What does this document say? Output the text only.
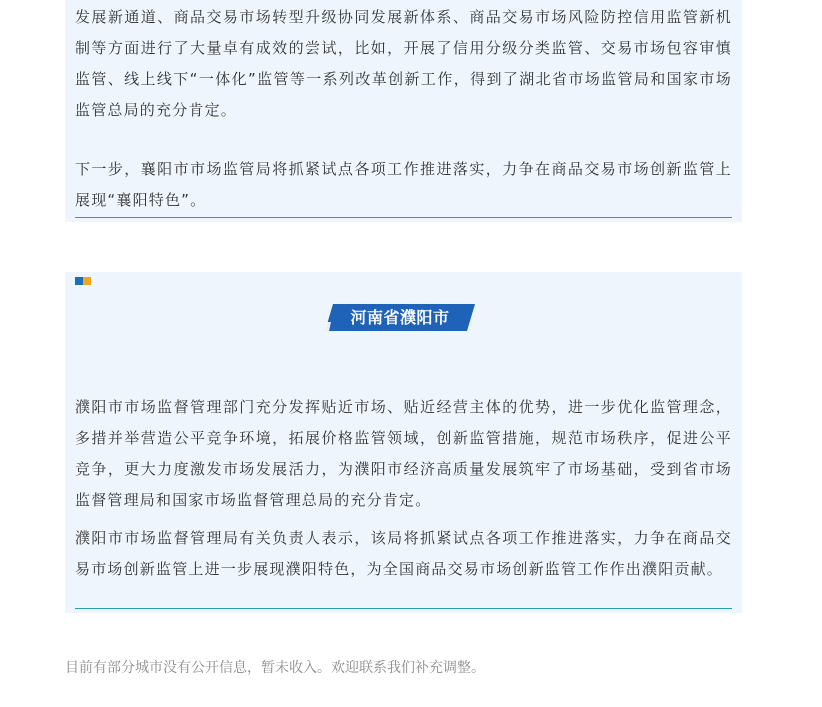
发展新通道、商品交易市场转型升级协同发展新体系、商品交易市场风险防控信用监管新机制等方面进行了大量卓有成效的尝试，比如，开展了信用分级分类监管、交易市场包容审慎监管、线上线下“一体化”监管等一系列改革创新工作，得到了湖北省市场监管局和国家市场监管总局的充分肯定。

下一步，襄阳市市场监管局将抓紧试点各项工作推进落实，力争在商品交易市场创新监管上展现“襄阳特色”。

河南省濮阳市

濮阳市市场监督管理部门充分发挥贴近市场、贴近经营主体的优势，进一步优化监管理念，多措并举营造公平竞争环境，拓展价格监管领域，创新监管措施，规范市场秩序，促进公平竞争，更大力度激发市场发展活力，为濮阳市经济高质量发展筑牢了市场基础，受到省市场监督管理局和国家市场监督管理总局的充分肯定。

濮阳市市场监督管理局有关负责人表示，该局将抓紧试点各项工作推进落实，力争在商品交易市场创新监管上进一步展现濮阳特色，为全国商品交易市场创新监管工作作出濮阳贡献。

目前有部分城市没有公开信息，暂未收入。欢迎联系我们补充调整。
